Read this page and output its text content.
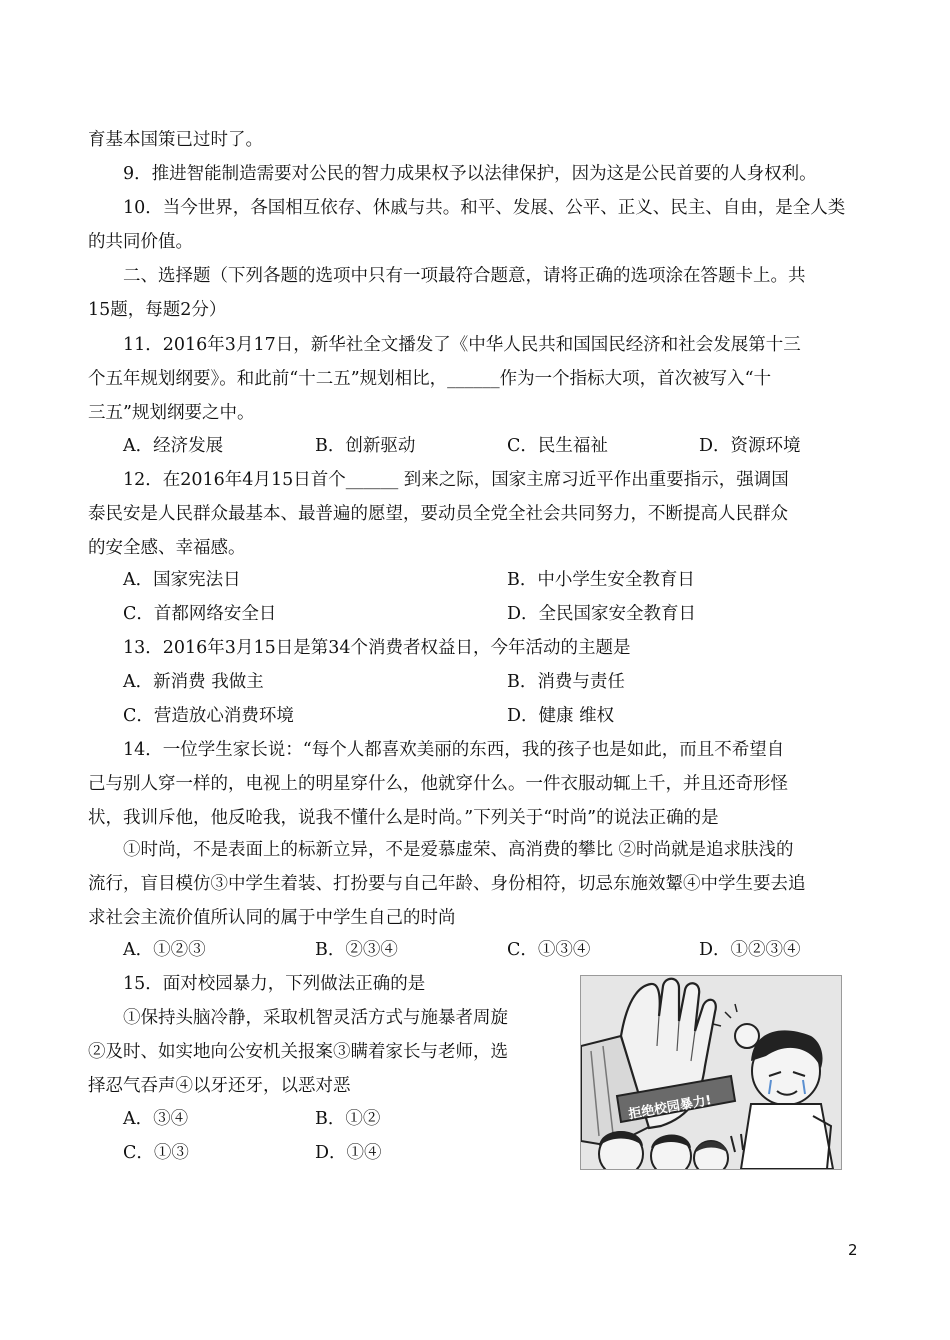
育基本国策已过时了。
9．推进智能制造需要对公民的智力成果权予以法律保护，因为这是公民首要的人身权利。
10．当今世界，各国相互依存、休戚与共。和平、发展、公平、正义、民主、自由，是全人类
的共同价值。
二、选择题（下列各题的选项中只有一项最符合题意，请将正确的选项涂在答题卡上。共
15题，每题2分）
11．2016年3月17日，新华社全文播发了《中华人民共和国国民经济和社会发展第十三
个五年规划纲要》。和此前“十二五”规划相比，______作为一个指标大项，首次被写入“十
三五”规划纲要之中。
A．经济发展	B．创新驱动	C．民生福祉	D．资源环境
12．在2016年4月15日首个______ 到来之际，国家主席习近平作出重要指示，强调国
泰民安是人民群众最基本、最普遍的愿望，要动员全党全社会共同努力，不断提高人民群众
的安全感、幸福感。
A．国家宪法日	B．中小学生安全教育日
C．首都网络安全日	D．全民国家安全教育日
13．2016年3月15日是第34个消费者权益日，今年活动的主题是
A．新消费 我做主	B．消费与责任
C．营造放心消费环境	D．健康 维权
14．一位学生家长说：“每个人都喜欢美丽的东西，我的孩子也是如此，而且不希望自
己与别人穿一样的，电视上的明星穿什么，他就穿什么。一件衣服动辄上千，并且还奇形怪
状，我训斥他，他反呛我，说我不懂什么是时尚。”下列关于“时尚”的说法正确的是
①时尚，不是表面上的标新立异，不是爱慕虚荣、高消费的攀比 ②时尚就是追求肤浅的
流行，盲目模仿③中学生着装、打扮要与自己年龄、身份相符，切忌东施效颦④中学生要去追
求社会主流价值所认同的属于中学生自己的时尚
A．①②③	B．②③④	C．①③④	D．①②③④
15．面对校园暴力，下列做法正确的是
①保持头脑冷静，采取机智灵活方式与施暴者周旋
②及时、如实地向公安机关报案③瞒着家长与老师，选
择忍气吞声④以牙还牙，以恶对恶
A．③④	B．①②
C．①③	D．①④
拒绝校园暴力!
2
